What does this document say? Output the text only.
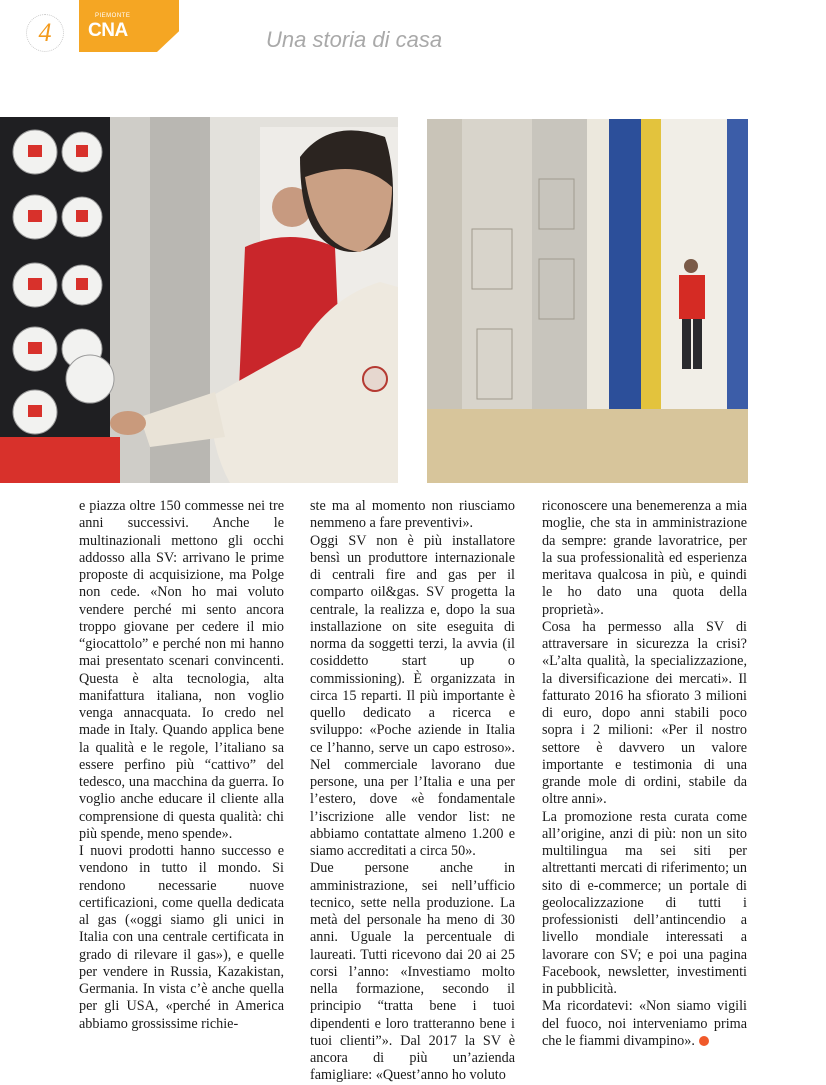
4
PIEMONTE
CNA	Una storia di casa

e piazza oltre 150 commesse nei tre anni successivi. Anche le multinazionali mettono gli occhi addosso alla SV: arrivano le prime proposte di acquisizione, ma Polge non cede. «Non ho mai voluto vendere perché mi sento ancora troppo giovane per cedere il mio “giocattolo” e perché non mi hanno mai presentato scenari convincenti. Questa è alta tecnologia, alta manifattura italiana, non voglio venga annacquata. Io credo nel made in Italy. Quando applica bene la qualità e le regole, l’italiano sa essere perfino più “cattivo” del tedesco, una macchina da guerra. Io voglio anche educare il cliente alla comprensione di questa qualità: chi più spende, meno spende».

I nuovi prodotti hanno successo e vendono in tutto il mondo. Si rendono necessarie nuove certificazioni, come quella dedicata al gas («oggi siamo gli unici in Italia con una centrale certificata in grado di rilevare il gas»), e quelle per vendere in Russia, Kazakistan, Germania. In vista c’è anche quella per gli USA, «perché in America abbiamo grossissime richie-

ste ma al momento non riusciamo nemmeno a fare preventivi».

Oggi SV non è più installatore bensì un produttore internazionale di centrali fire and gas per il comparto oil&gas. SV progetta la centrale, la realizza e, dopo la sua installazione on site eseguita di norma da soggetti terzi, la avvia (il cosiddetto start up o commissioning). È organizzata in circa 15 reparti. Il più importante è quello dedicato a ricerca e sviluppo: «Poche aziende in Italia ce l’hanno, serve un capo estroso». Nel commerciale lavorano due persone, una per l’Italia e una per l’estero, dove «è fondamentale l’iscrizione alle vendor list: ne abbiamo contattate almeno 1.200 e siamo accreditati a circa 50».

Due persone anche in amministrazione, sei nell’ufficio tecnico, sette nella produzione. La metà del personale ha meno di 30 anni. Uguale la percentuale di laureati. Tutti ricevono dai 20 ai 25 corsi l’anno: «Investiamo molto nella formazione, secondo il principio “tratta bene i tuoi dipendenti e loro tratteranno bene i tuoi clienti”». Dal 2017 la SV è ancora di più un’azienda famigliare: «Quest’anno ho voluto

riconoscere una benemerenza a mia moglie, che sta in amministrazione da sempre: grande lavoratrice, per la sua professionalità ed esperienza meritava qualcosa in più, e quindi le ho dato una quota della proprietà».

Cosa ha permesso alla SV di attraversare in sicurezza la crisi? «L’alta qualità, la specializzazione, la diversificazione dei mercati». Il fatturato 2016 ha sfiorato 3 milioni di euro, dopo anni stabili poco sopra i 2 milioni: «Per il nostro settore è davvero un valore importante e testimonia di una grande mole di ordini, stabile da oltre anni».

La promozione resta curata come all’origine, anzi di più: non un sito multilingua ma sei siti per altrettanti mercati di riferimento; un sito di e-commerce; un portale di geolocalizzazione di tutti i professionisti dell’antincendio a livello mondiale interessati a lavorare con SV; e poi una pagina Facebook, newsletter, investimenti in pubblicità.

Ma ricordatevi: «Non siamo vigili del fuoco, noi interveniamo prima che le fiammi divampino».
